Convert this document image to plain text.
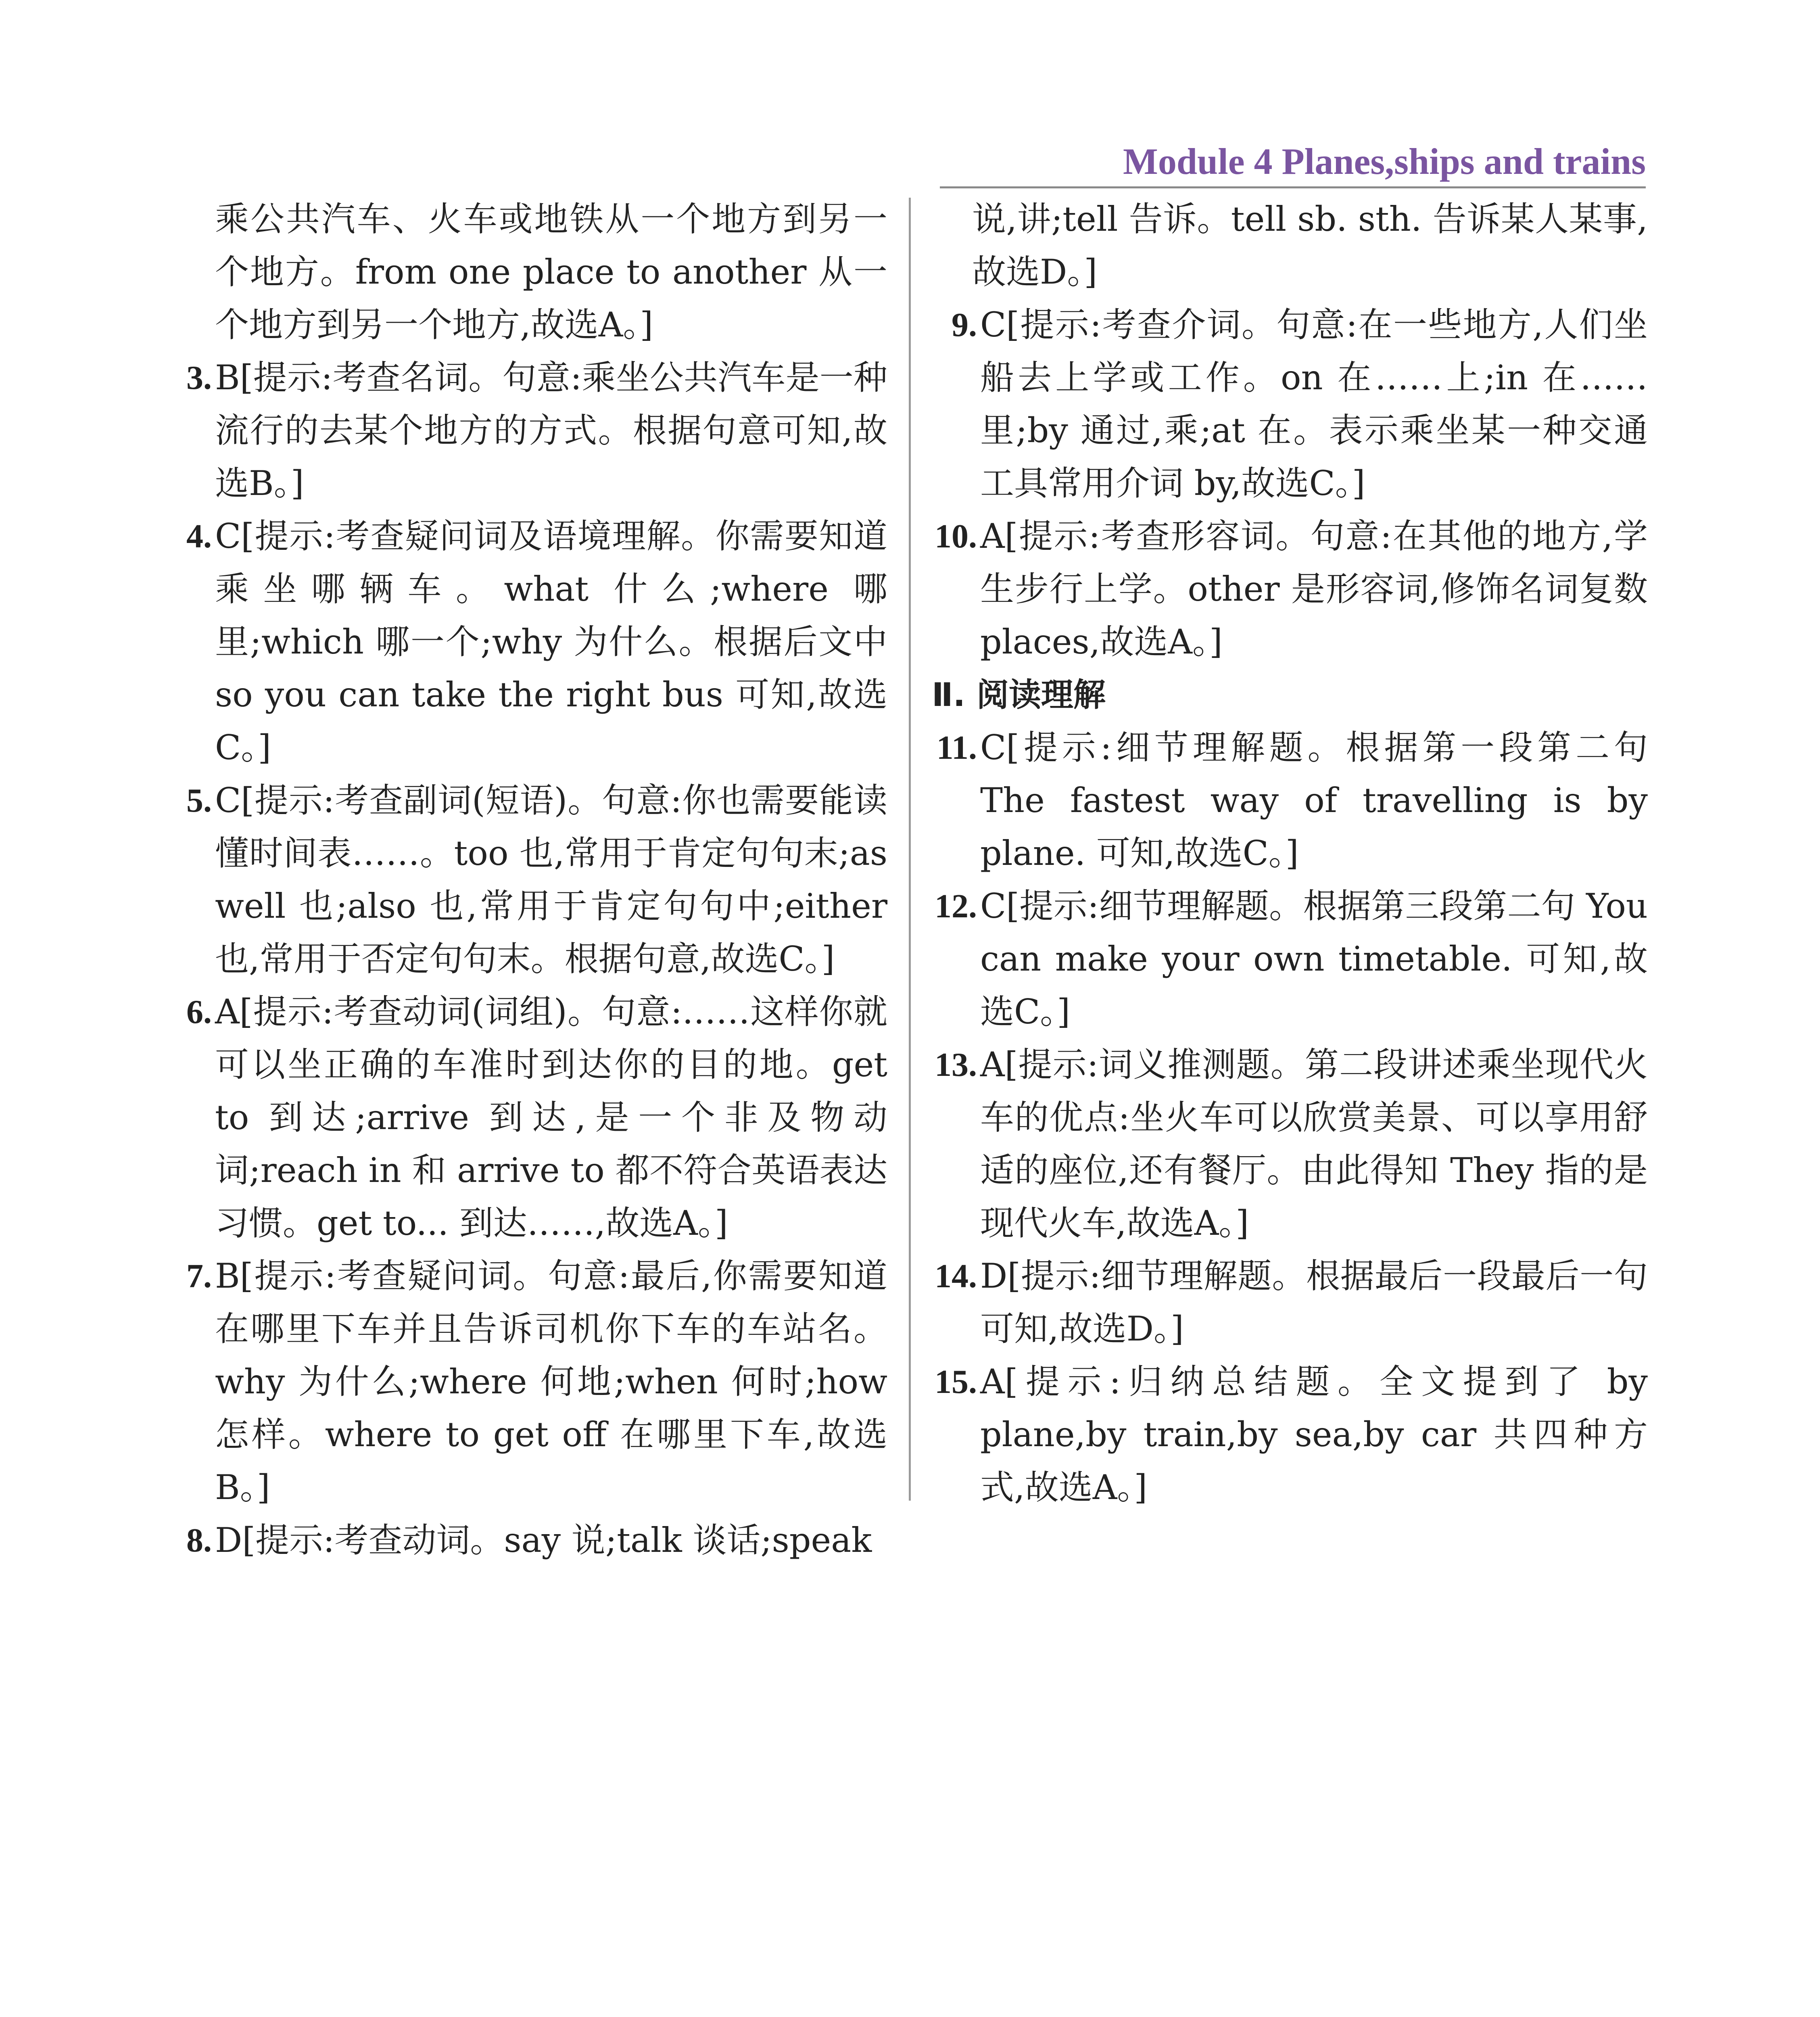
Module 4 Planes,ships and trains
乘公共汽车、火车或地铁从一个地方到另一个地方。from one place to another 从一个地方到另一个地方,故选A。]
3. B[提示:考查名词。句意:乘坐公共汽车是一种流行的去某个地方的方式。根据句意可知,故选B。]
4. C[提示:考查疑问词及语境理解。你需要知道乘坐哪辆车。what 什么;where 哪里;which 哪一个;why 为什么。根据后文中 so you can take the right bus 可知,故选C。]
5. C[提示:考查副词(短语)。句意:你也需要能读懂时间表……。too 也,常用于肯定句句末;as well 也;also 也,常用于肯定句句中;either 也,常用于否定句句末。根据句意,故选C。]
6. A[提示:考查动词(词组)。句意:……这样你就可以坐正确的车准时到达你的目的地。get to 到达;arrive 到达,是一个非及物动词;reach in 和 arrive to 都不符合英语表达习惯。get to... 到达……,故选A。]
7. B[提示:考查疑问词。句意:最后,你需要知道在哪里下车并且告诉司机你下车的车站名。why 为什么;where 何地;when 何时;how 怎样。where to get off 在哪里下车,故选B。]
8. D[提示:考查动词。say 说;talk 谈话;speak
说,讲;tell 告诉。tell sb. sth. 告诉某人某事,故选D。]
9. C[提示:考查介词。句意:在一些地方,人们坐船去上学或工作。on 在……上;in 在……里;by 通过,乘;at 在。表示乘坐某一种交通工具常用介词 by,故选C。]
10. A[提示:考查形容词。句意:在其他的地方,学生步行上学。other 是形容词,修饰名词复数 places,故选A。]
Ⅱ. 阅读理解
11. C[提示:细节理解题。根据第一段第二句 The fastest way of travelling is by plane. 可知,故选C。]
12. C[提示:细节理解题。根据第三段第二句 You can make your own timetable. 可知,故选C。]
13. A[提示:词义推测题。第二段讲述乘坐现代火车的优点:坐火车可以欣赏美景、可以享用舒适的座位,还有餐厅。由此得知 They 指的是现代火车,故选A。]
14. D[提示:细节理解题。根据最后一段最后一句可知,故选D。]
15. A[提示:归纳总结题。全文提到了 by plane,by train,by sea,by car 共四种方式,故选A。]
